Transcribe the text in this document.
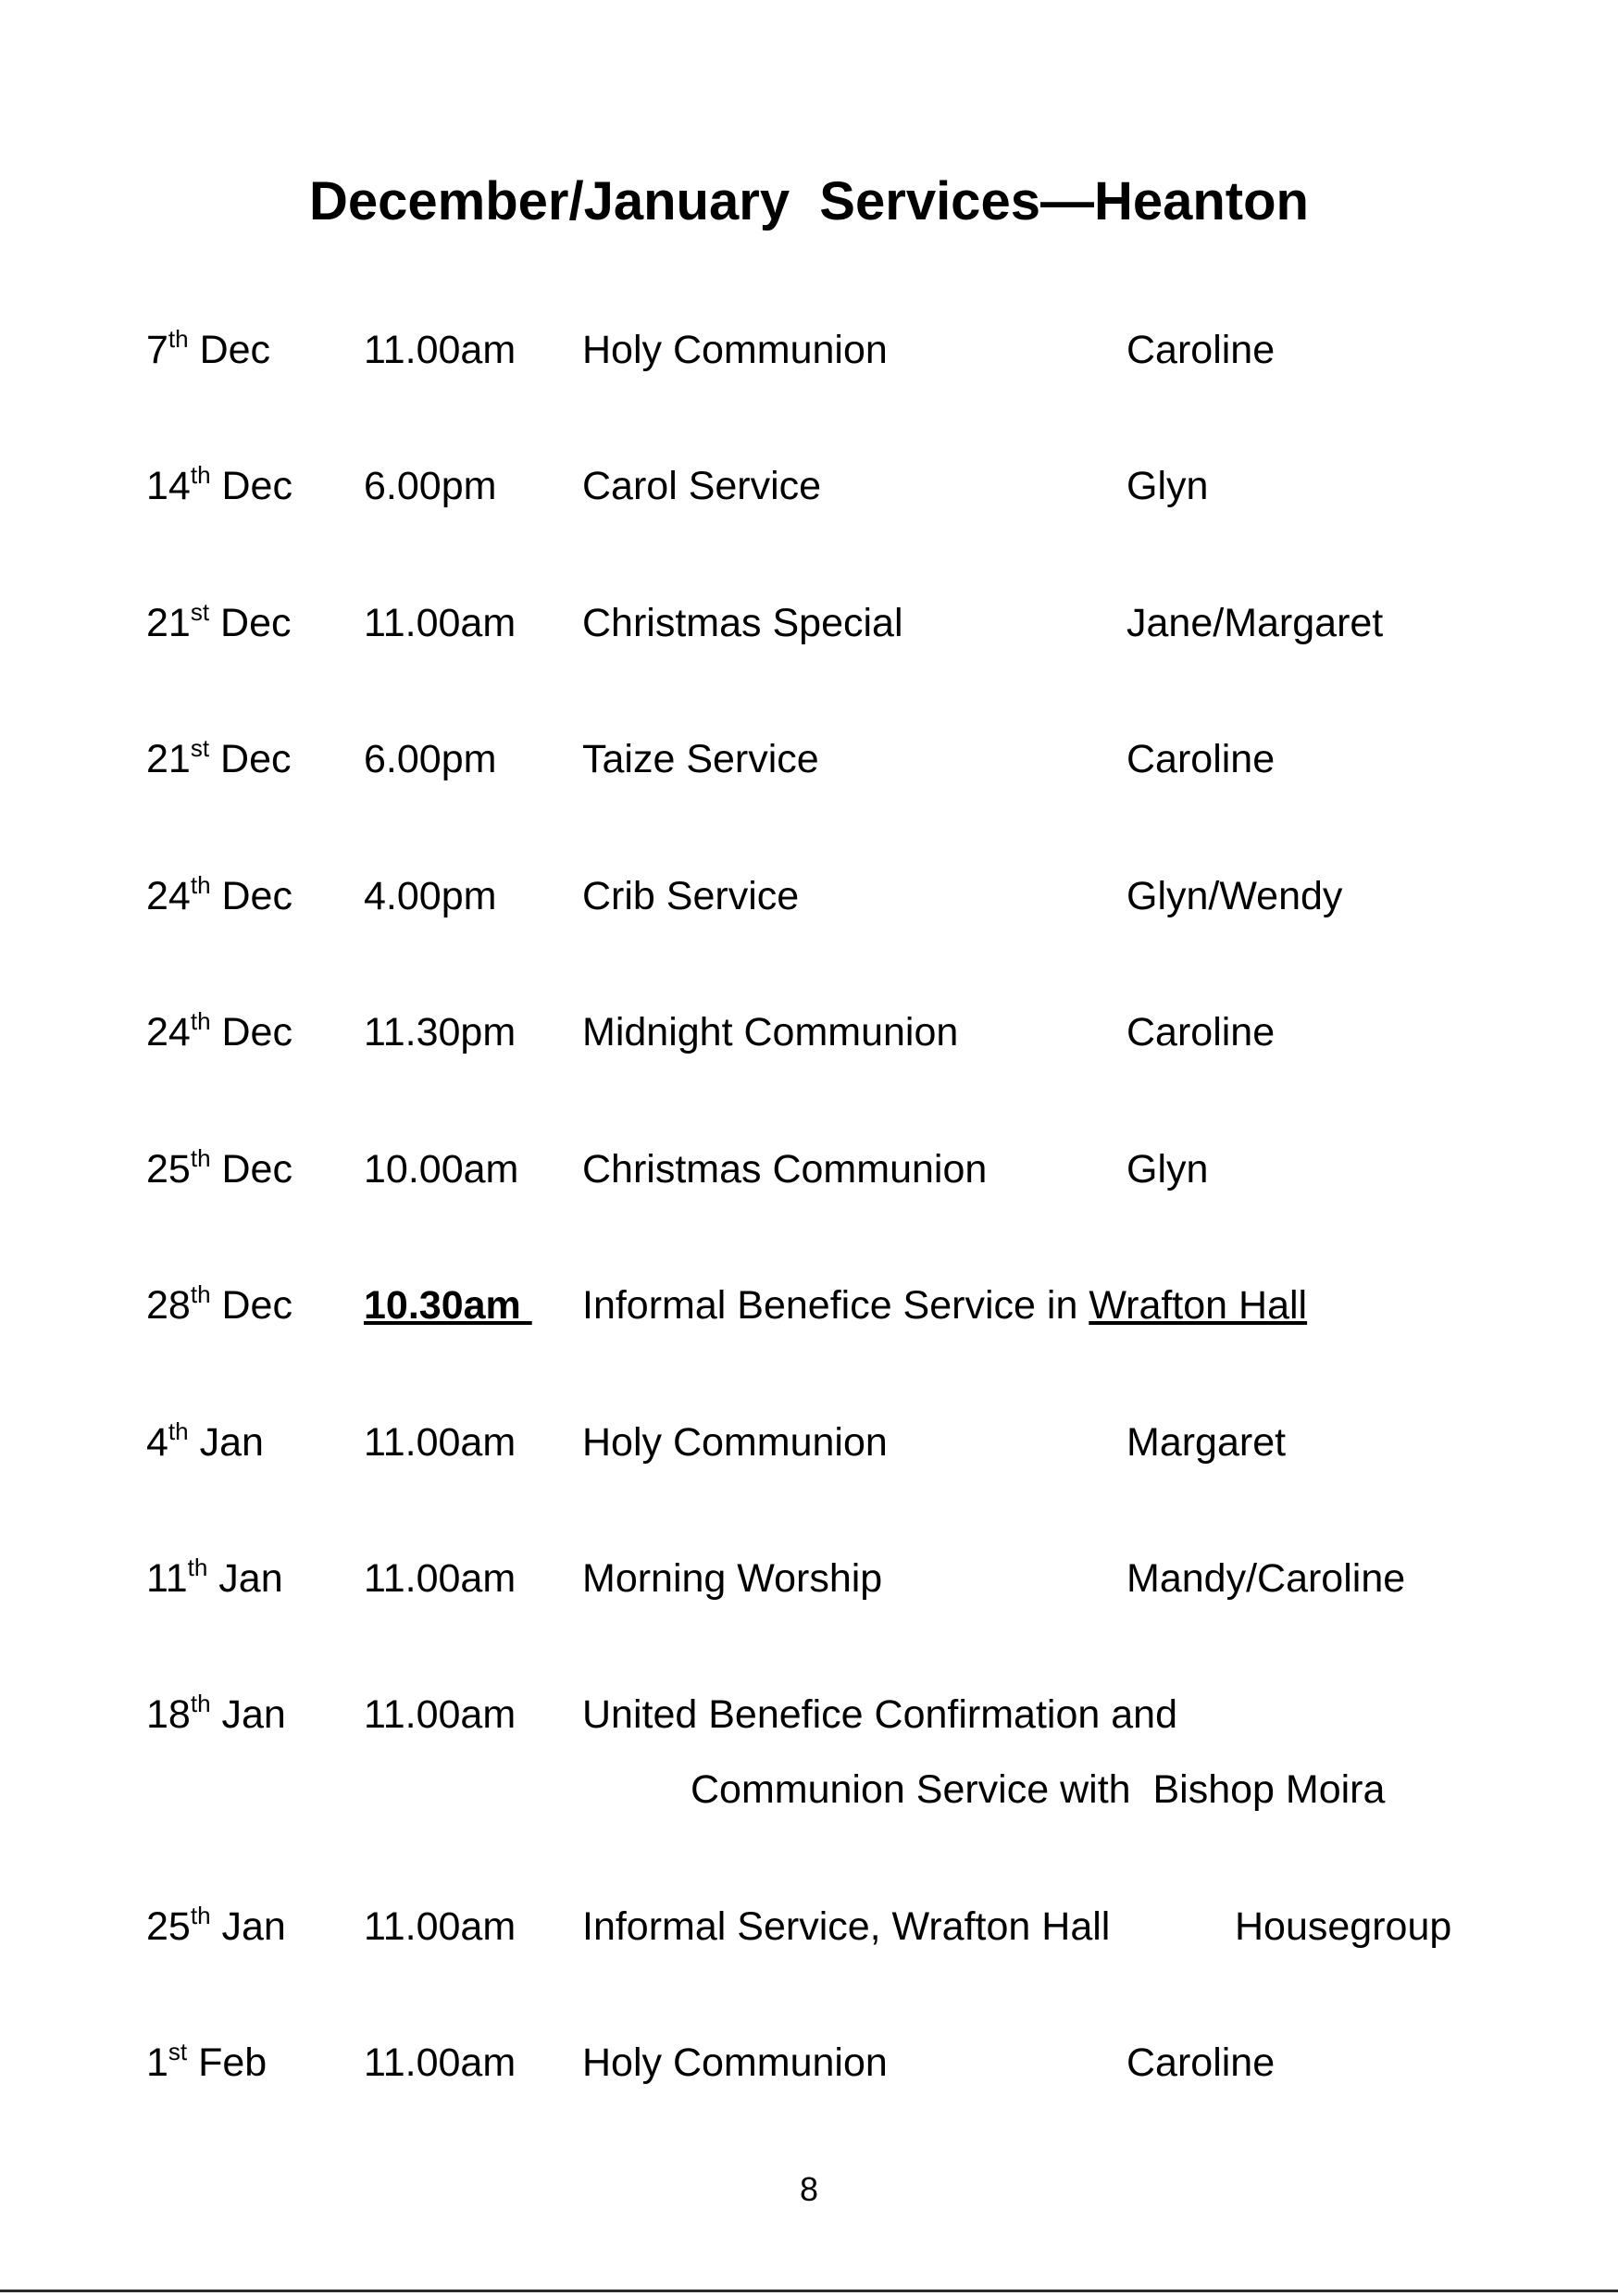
December/January  Services—Heanton
7th Dec 11.00am Holy Communion	Caroline
14th Dec 6.00pm Carol Service	Glyn
21st Dec 11.00am Christmas Special	Jane/Margaret
21st Dec 6.00pm Taize Service	Caroline
24th Dec 4.00pm Crib Service	Glyn/Wendy
24th Dec 11.30pm Midnight Communion	Caroline
25th Dec 10.00am Christmas Communion	Glyn
28th Dec 10.30am Informal Benefice Service in Wrafton Hall
4th Jan	11.00am Holy Communion	Margaret
11th Jan 11.00am Morning Worship	Mandy/Caroline
18th Jan 11.00am United Benefice Confirmation and
Communion Service with  Bishop Moira
25th Jan 11.00am Informal Service, Wrafton Hall	Housegroup
1st Feb 11.00am Holy Communion	Caroline
8
